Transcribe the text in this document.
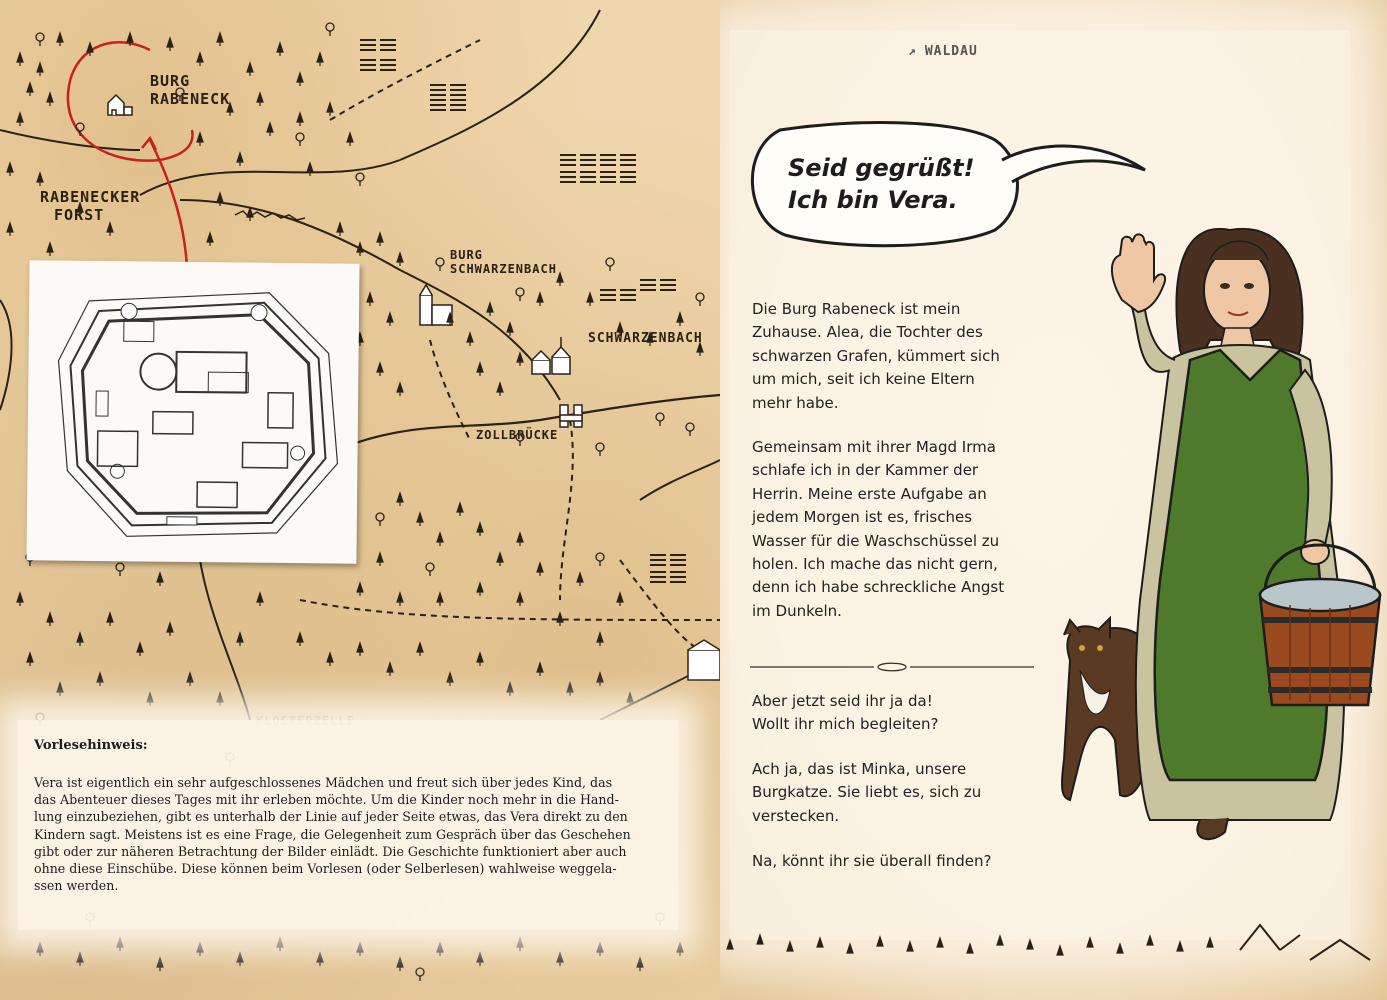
BURG
RABENECK
RABENECKER
FORST
BURG
SCHWARZENBACH
SCHWARZENBACH
ZOLLBRÜCKE
Vorlesehinweis:
Vera ist eigentlich ein sehr aufgeschlossenes Mädchen und freut sich über jedes Kind, das
das Abenteuer dieses Tages mit ihr erleben möchte. Um die Kinder noch mehr in die Hand-
lung einzubeziehen, gibt es unterhalb der Linie auf jeder Seite etwas, das Vera direkt zu den
Kindern sagt. Meistens ist es eine Frage, die Gelegenheit zum Gespräch über das Geschehen
gibt oder zur näheren Betrachtung der Bilder einlädt. Die Geschichte funktioniert aber auch
ohne diese Einschübe. Diese können beim Vorlesen (oder Selberlesen) wahlweise weggela-
ssen werden.
↗ WALDAU
Seid gegrüßt!
Ich bin Vera.
Die Burg Rabeneck ist mein
Zuhause. Alea, die Tochter des
schwarzen Grafen, kümmert sich
um mich, seit ich keine Eltern
mehr habe.
Gemeinsam mit ihrer Magd Irma
schlafe ich in der Kammer der
Herrin. Meine erste Aufgabe an
jedem Morgen ist es, frisches
Wasser für die Waschschüssel zu
holen. Ich mache das nicht gern,
denn ich habe schreckliche Angst
im Dunkeln.
Aber jetzt seid ihr ja da!
Wollt ihr mich begleiten?
Ach ja, das ist Minka, unsere
Burgkatze. Sie liebt es, sich zu
verstecken.
Na, könnt ihr sie überall finden?
